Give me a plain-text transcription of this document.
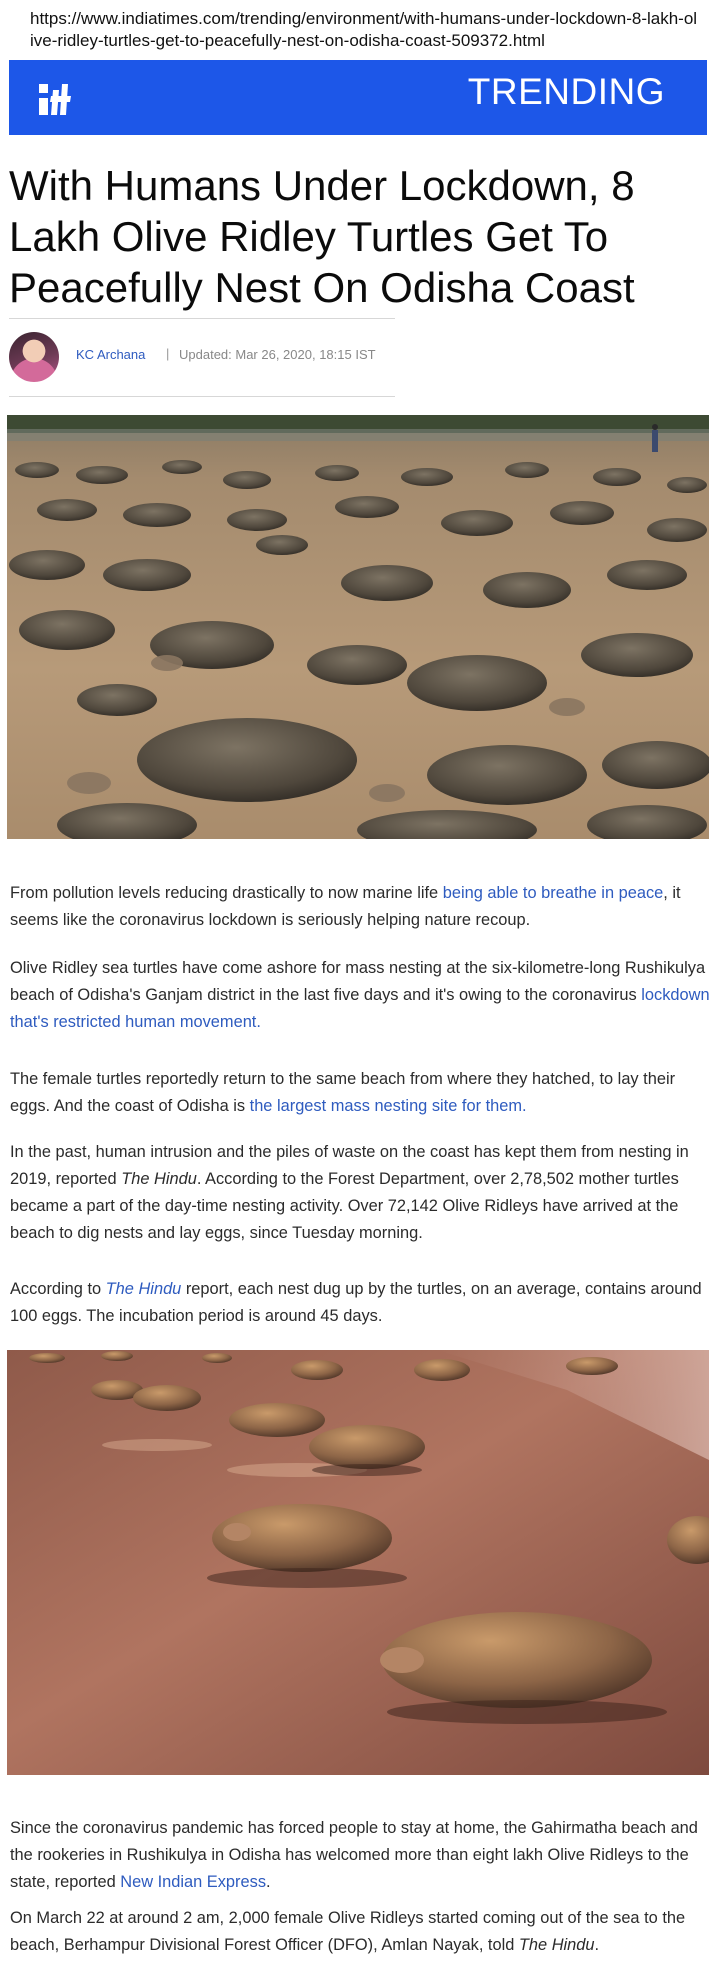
https://www.indiatimes.com/trending/environment/with-humans-under-lockdown-8-lakh-olive-ridley-turtles-get-to-peacefully-nest-on-odisha-coast-509372.html
TRENDING
With Humans Under Lockdown, 8 Lakh Olive Ridley Turtles Get To Peacefully Nest On Odisha Coast
KC Archana | Updated: Mar 26, 2020, 18:15 IST

From pollution levels reducing drastically to now marine life being able to breathe in peace, it seems like the coronavirus lockdown is seriously helping nature recoup.

Olive Ridley sea turtles have come ashore for mass nesting at the six-kilometre-long Rushikulya beach of Odisha's Ganjam district in the last five days and it's owing to the coronavirus lockdown that's restricted human movement.

The female turtles reportedly return to the same beach from where they hatched, to lay their eggs. And the coast of Odisha is the largest mass nesting site for them.

In the past, human intrusion and the piles of waste on the coast has kept them from nesting in 2019, reported The Hindu. According to the Forest Department, over 2,78,502 mother turtles became a part of the day-time nesting activity. Over 72,142 Olive Ridleys have arrived at the beach to dig nests and lay eggs, since Tuesday morning.

According to The Hindu report, each nest dug up by the turtles, on an average, contains around 100 eggs. The incubation period is around 45 days.

Since the coronavirus pandemic has forced people to stay at home, the Gahirmatha beach and the rookeries in Rushikulya in Odisha has welcomed more than eight lakh Olive Ridleys to the state, reported New Indian Express.

On March 22 at around 2 am, 2,000 female Olive Ridleys started coming out of the sea to the beach, Berhampur Divisional Forest Officer (DFO), Amlan Nayak, told The Hindu.
